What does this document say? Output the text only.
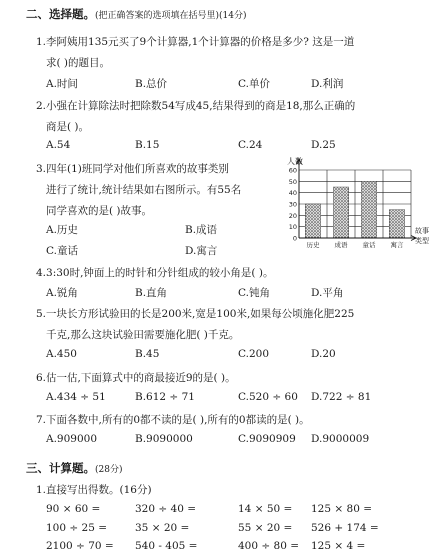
二、选择题。(把正确答案的选项填在括号里)(14分)
1.李阿姨用135元买了9个计算器,1个计算器的价格是多少? 这是一道
求( )的题目。
A.时间	B.总价	C.单价	D.利润
2.小强在计算除法时把除数54写成45,结果得到的商是18,那么正确的
商是( )。
A.54	B.15	C.24	D.25
3.四年(1)班同学对他们所喜欢的故事类别
进行了统计,统计结果如右图所示。有55名
同学喜欢的是( )故事。
A.历史	B.成语
C.童话	D.寓言
0
10
20
30
40
50
60
历史 成语 童话 寓言
人数
故事
类型
4.3:30时,钟面上的时针和分针组成的较小角是( )。
A.锐角	B.直角	C.钝角	D.平角
5.一块长方形试验田的长是200米,宽是100米,如果每公顷施化肥225
千克,那么这块试验田需要施化肥( )千克。
A.450	B.45	C.200	D.20
6.估一估,下面算式中的商最接近9的是( )。
A.434 ÷ 51	B.612 ÷ 71	C.520 ÷ 60 D.722 ÷ 81
7.下面各数中,所有的0都不读的是( ),所有的0都读的是( )。
A.909000	B.9090000	C.9090909 D.9000009
三、计算题。(28分)
1.直接写出得数。(16分)
90 × 60 =	320 ÷ 40 =	14 × 50 = 125 × 80 =
100 ÷ 25 =	35 × 20 =	55 × 20 = 526 + 174 =
2100 ÷ 70 = 540 - 405 =	400 ÷ 80 = 125 × 4 =
